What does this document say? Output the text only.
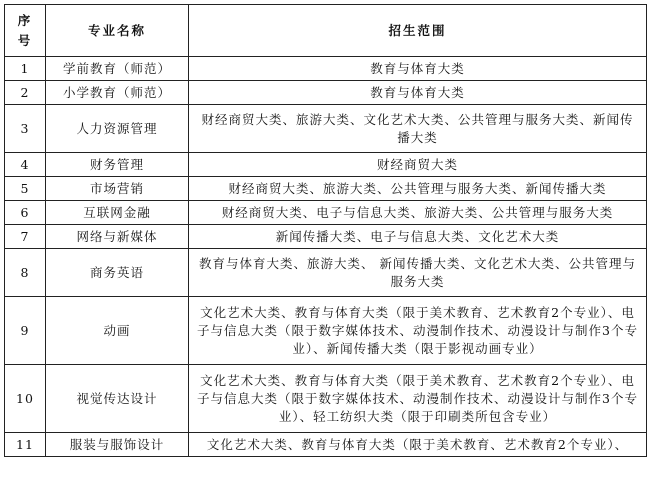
序
号	专业名称	招生范围
1	学前教育（师范）	教育与体育大类
2	小学教育（师范）	教育与体育大类
3	人力资源管理	财经商贸大类、旅游大类、文化艺术大类、公共管理与服务大类、新闻传播大类
4	财务管理	财经商贸大类
5	市场营销	财经商贸大类、旅游大类、公共管理与服务大类、新闻传播大类
6	互联网金融	财经商贸大类、电子与信息大类、旅游大类、公共管理与服务大类
7	网络与新媒体	新闻传播大类、电子与信息大类、文化艺术大类
8	商务英语	教育与体育大类、旅游大类、 新闻传播大类、文化艺术大类、公共管理与服务大类
9	动画	文化艺术大类、教育与体育大类（限于美术教育、艺术教育2个专业）、电子与信息大类（限于数字媒体技术、动漫制作技术、动漫设计与制作3个专业）、新闻传播大类（限于影视动画专业）
10	视觉传达设计	文化艺术大类、教育与体育大类（限于美术教育、艺术教育2个专业）、电子与信息大类（限于数字媒体技术、动漫制作技术、动漫设计与制作3个专业）、轻工纺织大类（限于印刷类所包含专业）
11	服装与服饰设计	文化艺术大类、教育与体育大类（限于美术教育、艺术教育2个专业）、
